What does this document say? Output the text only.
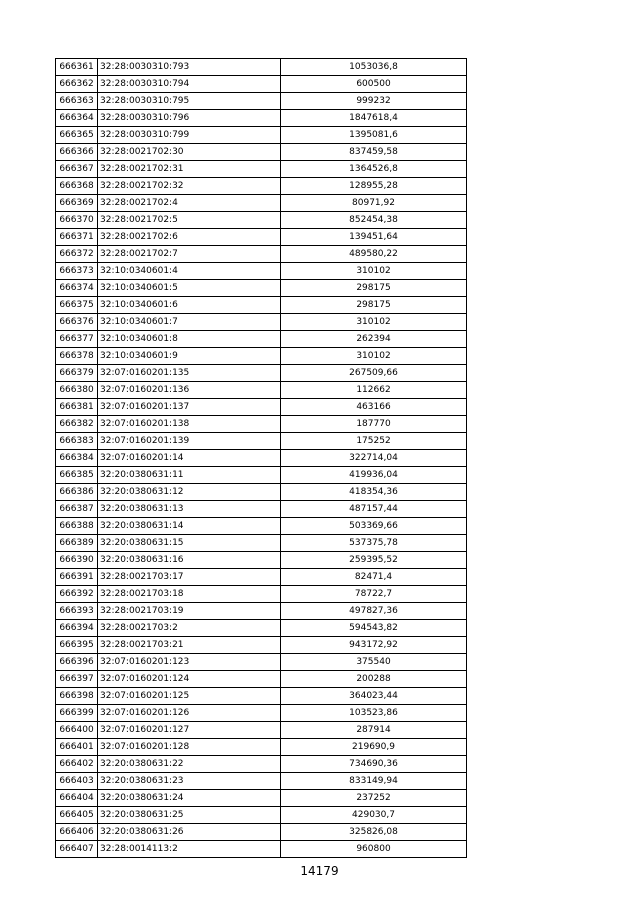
666361	32:28:0030310:793	1053036,8
666362	32:28:0030310:794	600500
666363	32:28:0030310:795	999232
666364	32:28:0030310:796	1847618,4
666365	32:28:0030310:799	1395081,6
666366	32:28:0021702:30	837459,58
666367	32:28:0021702:31	1364526,8
666368	32:28:0021702:32	128955,28
666369	32:28:0021702:4	80971,92
666370	32:28:0021702:5	852454,38
666371	32:28:0021702:6	139451,64
666372	32:28:0021702:7	489580,22
666373	32:10:0340601:4	310102
666374	32:10:0340601:5	298175
666375	32:10:0340601:6	298175
666376	32:10:0340601:7	310102
666377	32:10:0340601:8	262394
666378	32:10:0340601:9	310102
666379	32:07:0160201:135	267509,66
666380	32:07:0160201:136	112662
666381	32:07:0160201:137	463166
666382	32:07:0160201:138	187770
666383	32:07:0160201:139	175252
666384	32:07:0160201:14	322714,04
666385	32:20:0380631:11	419936,04
666386	32:20:0380631:12	418354,36
666387	32:20:0380631:13	487157,44
666388	32:20:0380631:14	503369,66
666389	32:20:0380631:15	537375,78
666390	32:20:0380631:16	259395,52
666391	32:28:0021703:17	82471,4
666392	32:28:0021703:18	78722,7
666393	32:28:0021703:19	497827,36
666394	32:28:0021703:2	594543,82
666395	32:28:0021703:21	943172,92
666396	32:07:0160201:123	375540
666397	32:07:0160201:124	200288
666398	32:07:0160201:125	364023,44
666399	32:07:0160201:126	103523,86
666400	32:07:0160201:127	287914
666401	32:07:0160201:128	219690,9
666402	32:20:0380631:22	734690,36
666403	32:20:0380631:23	833149,94
666404	32:20:0380631:24	237252
666405	32:20:0380631:25	429030,7
666406	32:20:0380631:26	325826,08
666407	32:28:0014113:2	960800
14179
